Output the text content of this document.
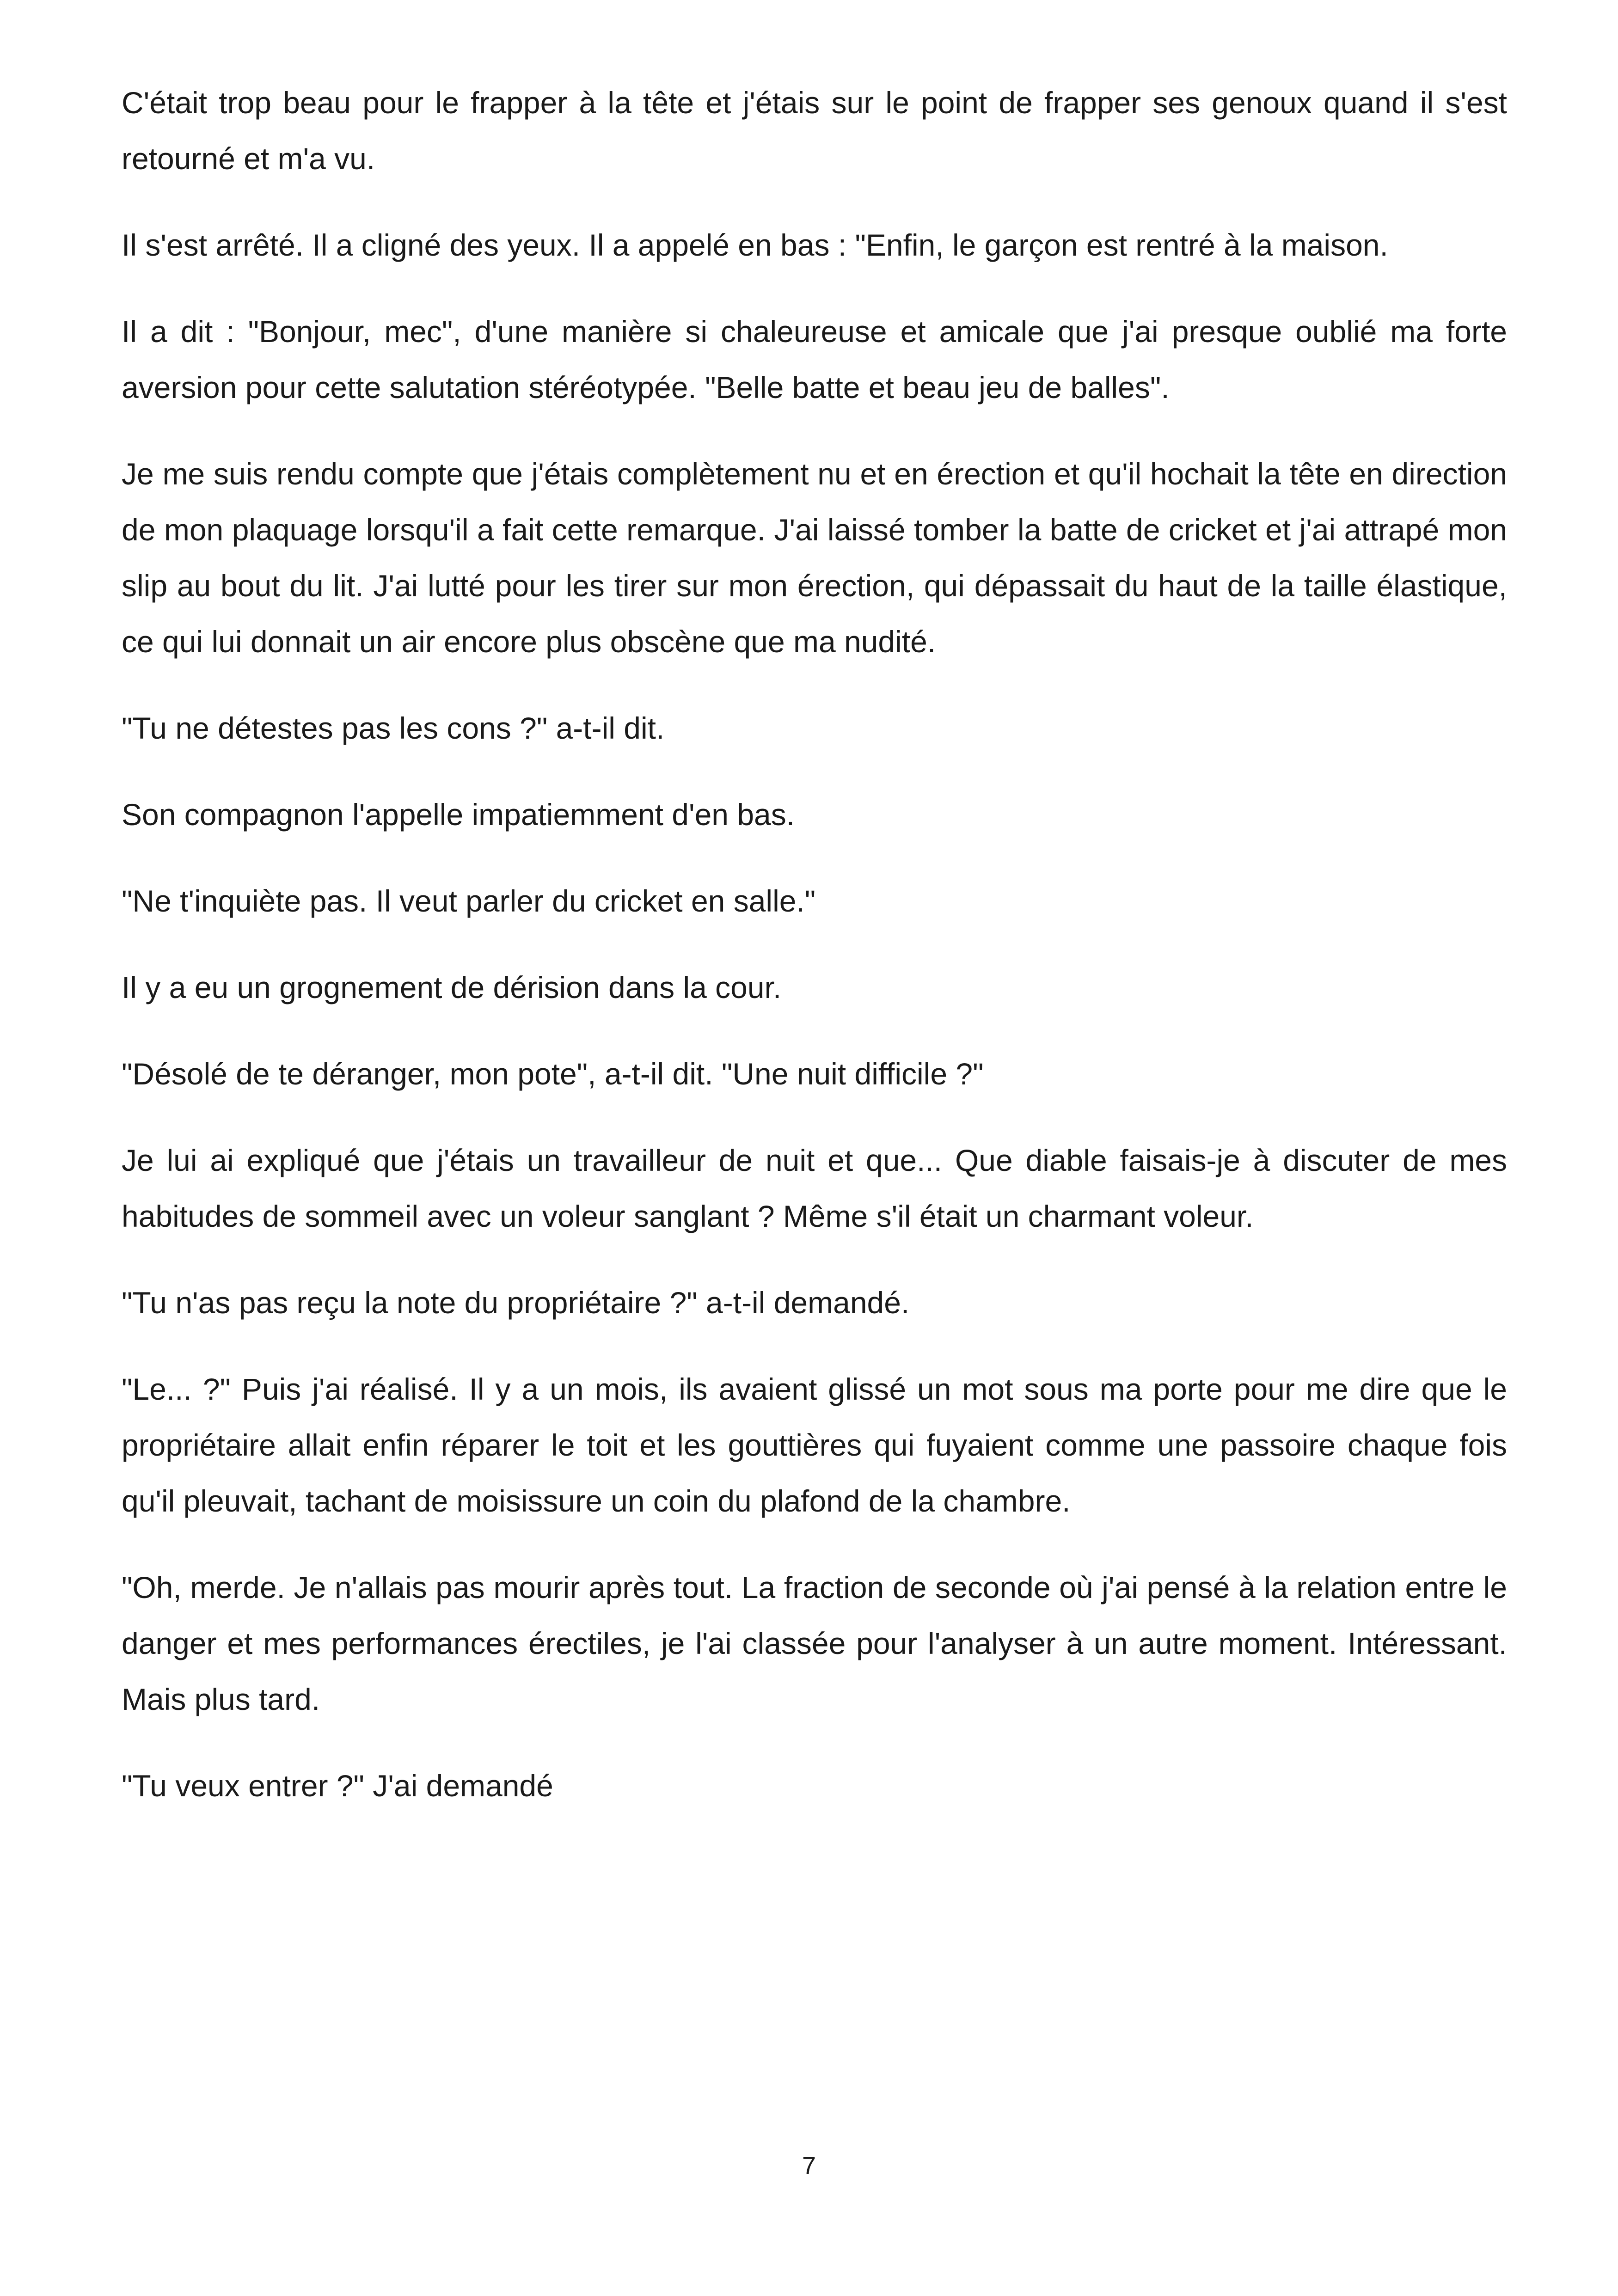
C'était trop beau pour le frapper à la tête et j'étais sur le point de frapper ses genoux quand il s'est retourné et m'a vu.

Il s'est arrêté. Il a cligné des yeux. Il a appelé en bas : "Enfin, le garçon est rentré à la maison.

Il a dit : "Bonjour, mec", d'une manière si chaleureuse et amicale que j'ai presque oublié ma forte aversion pour cette salutation stéréotypée. "Belle batte et beau jeu de balles".

Je me suis rendu compte que j'étais complètement nu et en érection et qu'il hochait la tête en direction de mon plaquage lorsqu'il a fait cette remarque. J'ai laissé tomber la batte de cricket et j'ai attrapé mon slip au bout du lit. J'ai lutté pour les tirer sur mon érection, qui dépassait du haut de la taille élastique, ce qui lui donnait un air encore plus obscène que ma nudité.

"Tu ne détestes pas les cons ?" a-t-il dit.

Son compagnon l'appelle impatiemment d'en bas.

"Ne t'inquiète pas. Il veut parler du cricket en salle."

Il y a eu un grognement de dérision dans la cour.

"Désolé de te déranger, mon pote", a-t-il dit. "Une nuit difficile ?"

Je lui ai expliqué que j'étais un travailleur de nuit et que... Que diable faisais-je à discuter de mes habitudes de sommeil avec un voleur sanglant ? Même s'il était un charmant voleur.

"Tu n'as pas reçu la note du propriétaire ?" a-t-il demandé.

"Le... ?" Puis j'ai réalisé. Il y a un mois, ils avaient glissé un mot sous ma porte pour me dire que le propriétaire allait enfin réparer le toit et les gouttières qui fuyaient comme une passoire chaque fois qu'il pleuvait, tachant de moisissure un coin du plafond de la chambre.

"Oh, merde. Je n'allais pas mourir après tout. La fraction de seconde où j'ai pensé à la relation entre le danger et mes performances érectiles, je l'ai classée pour l'analyser à un autre moment. Intéressant. Mais plus tard.

"Tu veux entrer ?" J'ai demandé

7
